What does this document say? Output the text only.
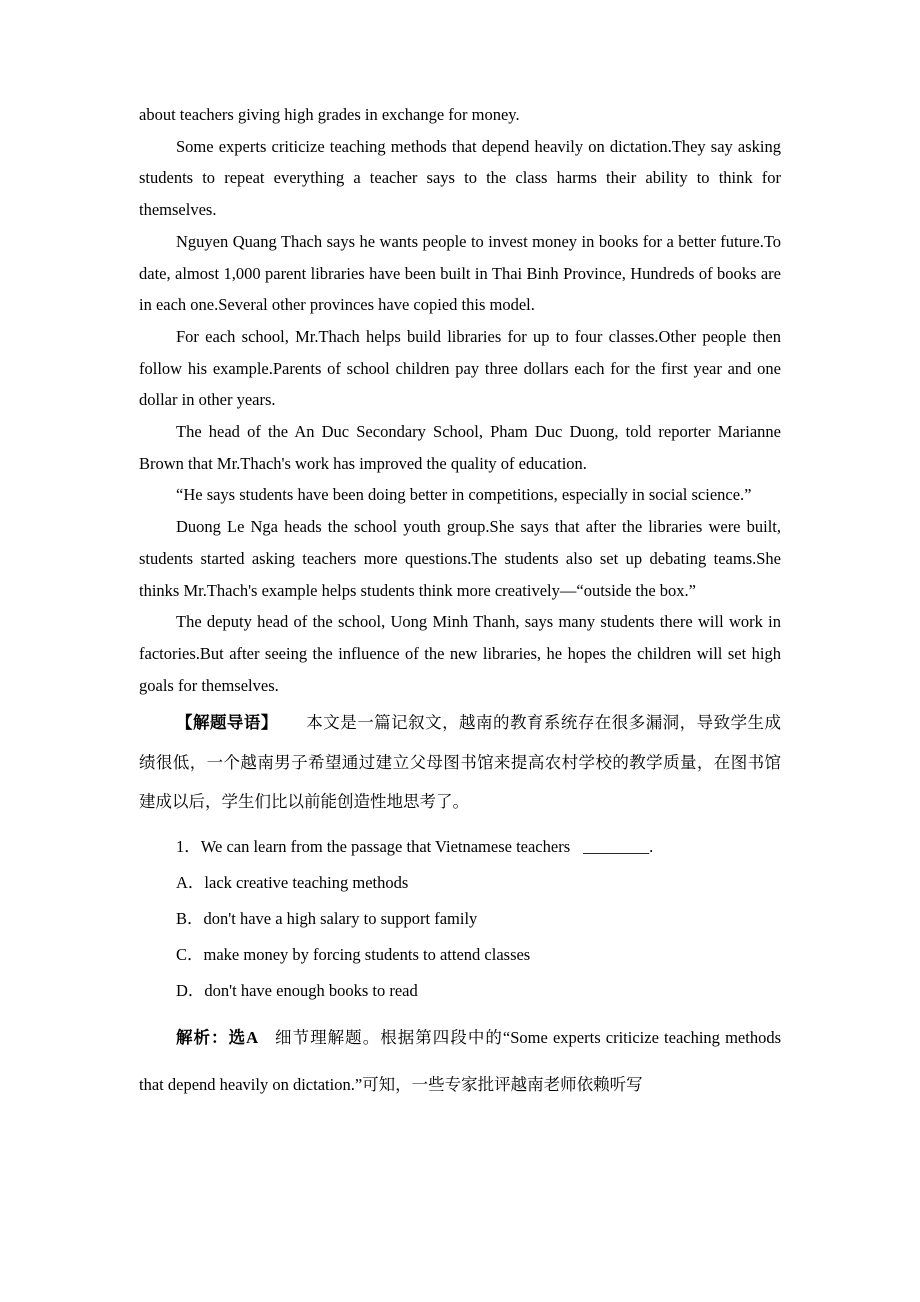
about teachers giving high grades in exchange for money.

Some experts criticize teaching methods that depend heavily on dictation.They say asking students to repeat everything a teacher says to the class harms their ability to think for themselves.

Nguyen Quang Thach says he wants people to invest money in books for a better future.To date, almost 1,000 parent libraries have been built in Thai Binh Province, Hundreds of books are in each one.Several other provinces have copied this model.

For each school, Mr.Thach helps build libraries for up to four classes.Other people then follow his example.Parents of school children pay three dollars each for the first year and one dollar in other years.

The head of the An Duc Secondary School, Pham Duc Duong, told reporter Marianne Brown that Mr.Thach's work has improved the quality of education.

“He says students have been doing better in competitions, especially in social science.”

Duong Le Nga heads the school youth group.She says that after the libraries were built, students started asking teachers more questions.The students also set up debating teams.She thinks Mr.Thach's example helps students think more creatively—“outside the box.”

The deputy head of the school, Uong Minh Thanh, says many students there will work in factories.But after seeing the influence of the new libraries, he hopes the children will set high goals for themselves.

【解题导语】 本文是一篇记叙文，越南的教育系统存在很多漏洞，导致学生成绩很低，一个越南男子希望通过建立父母图书馆来提高农村学校的教学质量，在图书馆建成以后，学生们比以前能创造性地思考了。

1．We can learn from the passage that Vietnamese teachers ________.

A．lack creative teaching methods

B．don't have a high salary to support family

C．make money by forcing students to attend classes

D．don't have enough books to read

解析：选A 细节理解题。根据第四段中的“Some experts criticize teaching methods that depend heavily on dictation.”可知，一些专家批评越南老师依赖听写
